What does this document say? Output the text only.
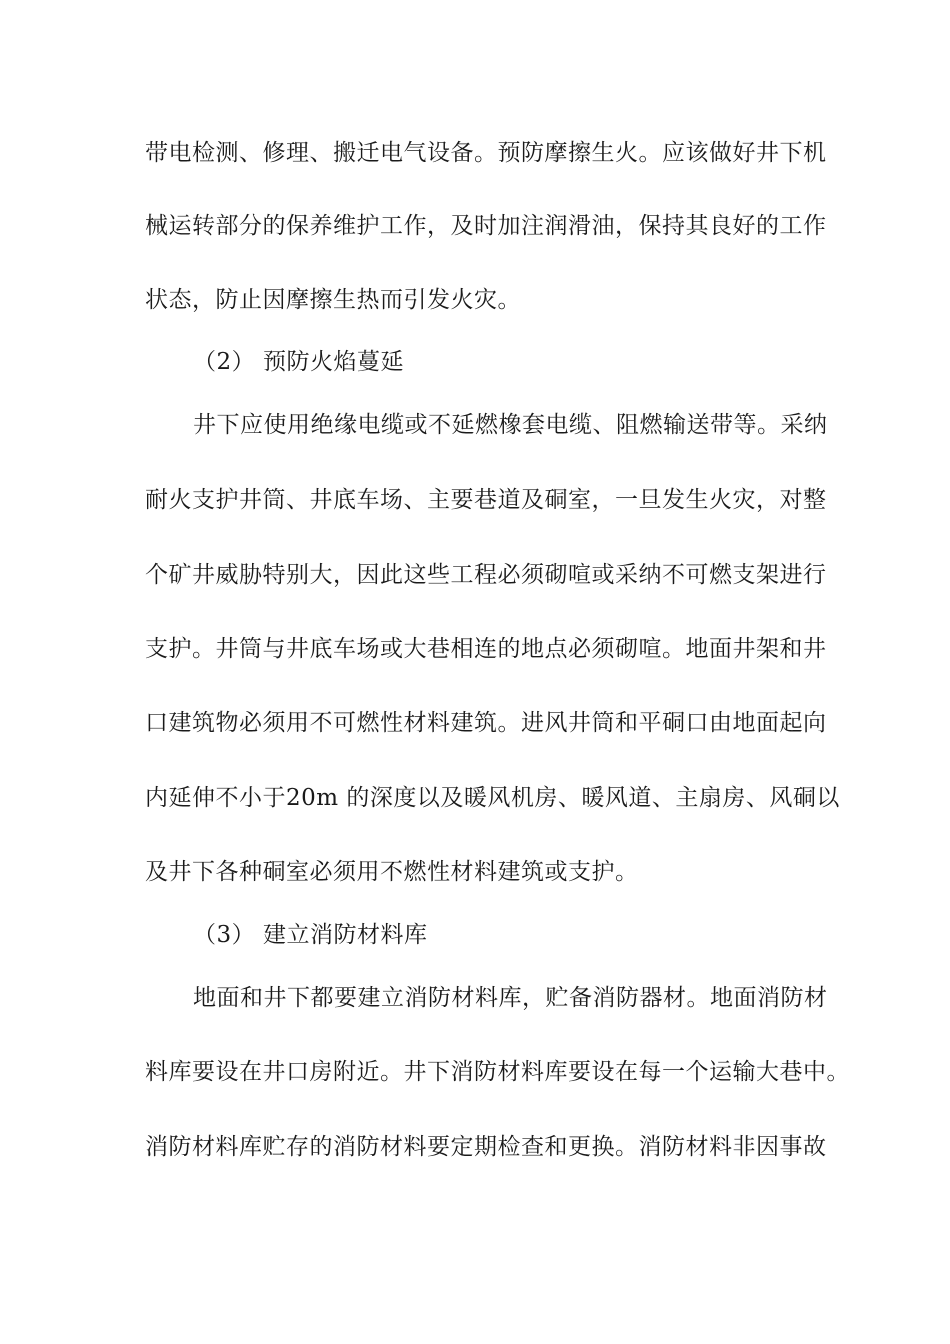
带电检测、修理、搬迁电气设备。预防摩擦生火。应该做好井下机
械运转部分的保养维护工作，及时加注润滑油，保持其良好的工作
状态，防止因摩擦生热而引发火灾。
（2） 预防火焰蔓延
井下应使用绝缘电缆或不延燃橡套电缆、阻燃输送带等。采纳
耐火支护井筒、井底车场、主要巷道及硐室，一旦发生火灾，对整
个矿井威胁特别大，因此这些工程必须砌喧或采纳不可燃支架进行
支护。井筒与井底车场或大巷相连的地点必须砌喧。地面井架和井
口建筑物必须用不可燃性材料建筑。进风井筒和平硐口由地面起向
内延伸不小于20m 的深度以及暖风机房、暖风道、主扇房、风硐以
及井下各种硐室必须用不燃性材料建筑或支护。
（3） 建立消防材料库
地面和井下都要建立消防材料库，贮备消防器材。地面消防材
料库要设在井口房附近。井下消防材料库要设在每一个运输大巷中。
消防材料库贮存的消防材料要定期检查和更换。消防材料非因事故
